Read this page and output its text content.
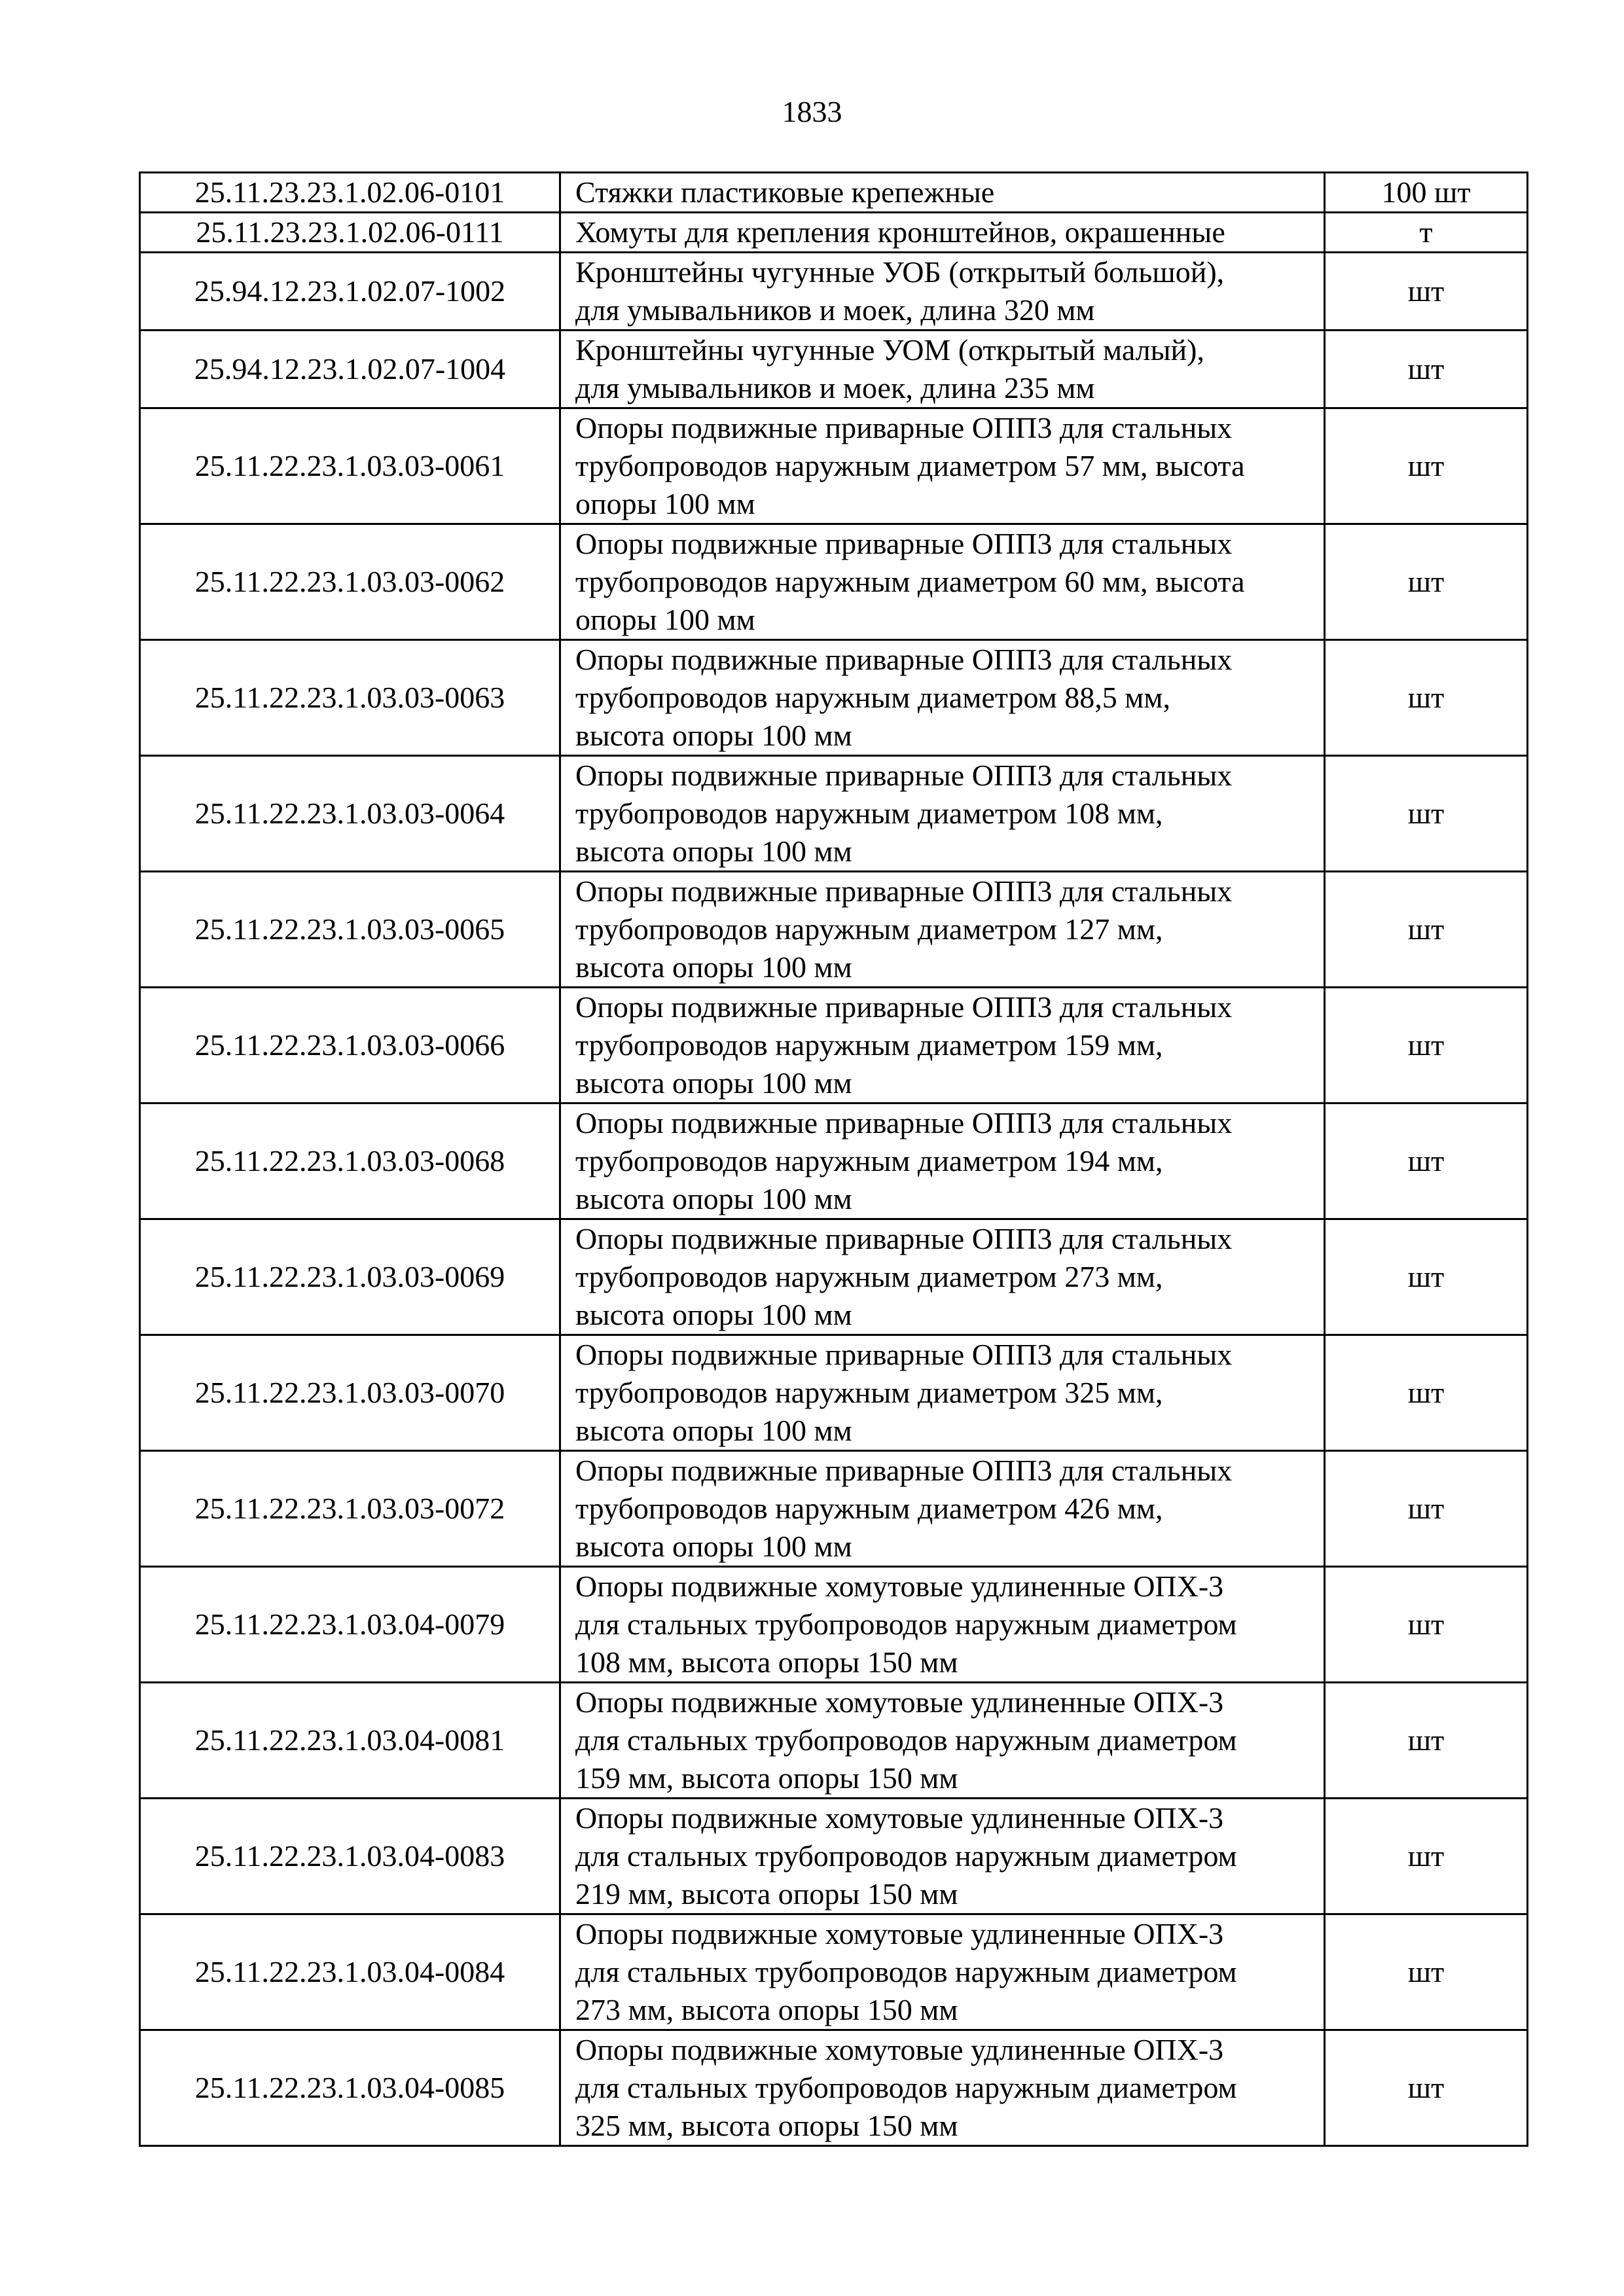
1833
25.11.23.23.1.02.06-0101	Стяжки пластиковые крепежные	100 шт
25.11.23.23.1.02.06-0111	Хомуты для крепления кронштейнов, окрашенные	т
25.94.12.23.1.02.07-1002	Кронштейны чугунные УОБ (открытый большой),
для умывальников и моек, длина 320 мм	шт
25.94.12.23.1.02.07-1004	Кронштейны чугунные УОМ (открытый малый),
для умывальников и моек, длина 235 мм	шт
25.11.22.23.1.03.03-0061	Опоры подвижные приварные ОПП3 для стальных
трубопроводов наружным диаметром 57 мм, высота
опоры 100 мм	шт
25.11.22.23.1.03.03-0062	Опоры подвижные приварные ОПП3 для стальных
трубопроводов наружным диаметром 60 мм, высота
опоры 100 мм	шт
25.11.22.23.1.03.03-0063	Опоры подвижные приварные ОПП3 для стальных
трубопроводов наружным диаметром 88,5 мм,
высота опоры 100 мм	шт
25.11.22.23.1.03.03-0064	Опоры подвижные приварные ОПП3 для стальных
трубопроводов наружным диаметром 108 мм,
высота опоры 100 мм	шт
25.11.22.23.1.03.03-0065	Опоры подвижные приварные ОПП3 для стальных
трубопроводов наружным диаметром 127 мм,
высота опоры 100 мм	шт
25.11.22.23.1.03.03-0066	Опоры подвижные приварные ОПП3 для стальных
трубопроводов наружным диаметром 159 мм,
высота опоры 100 мм	шт
25.11.22.23.1.03.03-0068	Опоры подвижные приварные ОПП3 для стальных
трубопроводов наружным диаметром 194 мм,
высота опоры 100 мм	шт
25.11.22.23.1.03.03-0069	Опоры подвижные приварные ОПП3 для стальных
трубопроводов наружным диаметром 273 мм,
высота опоры 100 мм	шт
25.11.22.23.1.03.03-0070	Опоры подвижные приварные ОПП3 для стальных
трубопроводов наружным диаметром 325 мм,
высота опоры 100 мм	шт
25.11.22.23.1.03.03-0072	Опоры подвижные приварные ОПП3 для стальных
трубопроводов наружным диаметром 426 мм,
высота опоры 100 мм	шт
25.11.22.23.1.03.04-0079	Опоры подвижные хомутовые удлиненные ОПХ-3
для стальных трубопроводов наружным диаметром
108 мм, высота опоры 150 мм	шт
25.11.22.23.1.03.04-0081	Опоры подвижные хомутовые удлиненные ОПХ-3
для стальных трубопроводов наружным диаметром
159 мм, высота опоры 150 мм	шт
25.11.22.23.1.03.04-0083	Опоры подвижные хомутовые удлиненные ОПХ-3
для стальных трубопроводов наружным диаметром
219 мм, высота опоры 150 мм	шт
25.11.22.23.1.03.04-0084	Опоры подвижные хомутовые удлиненные ОПХ-3
для стальных трубопроводов наружным диаметром
273 мм, высота опоры 150 мм	шт
25.11.22.23.1.03.04-0085	Опоры подвижные хомутовые удлиненные ОПХ-3
для стальных трубопроводов наружным диаметром
325 мм, высота опоры 150 мм	шт
